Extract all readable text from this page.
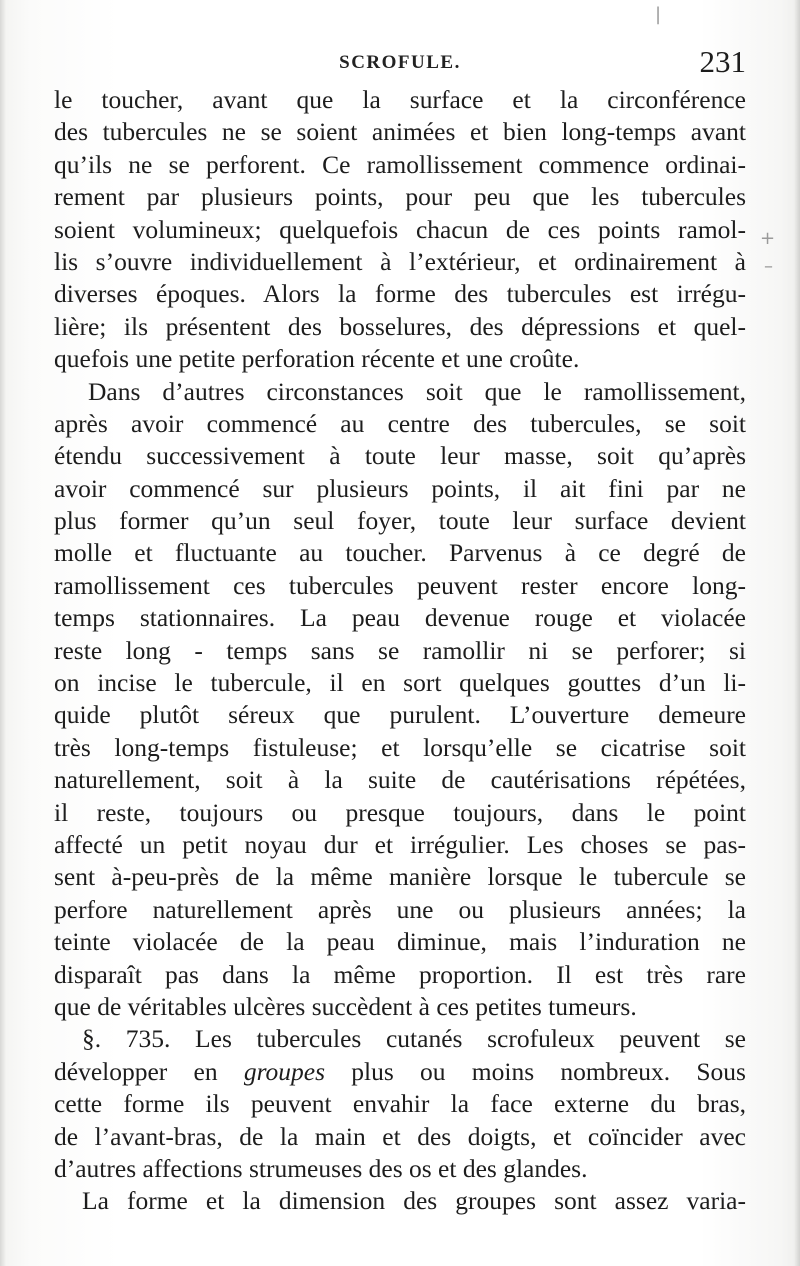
SCROFULE.	231
le toucher, avant que la surface et la circonférence
des tubercules ne se soient animées et bien long-temps avant
qu’ils ne se perforent. Ce ramollissement commence ordinai-
rement par plusieurs points, pour peu que les tubercules
soient volumineux; quelquefois chacun de ces points ramol-
lis s’ouvre individuellement à l’extérieur, et ordinairement à
diverses époques. Alors la forme des tubercules est irrégu-
lière; ils présentent des bosselures, des dépressions et quel-
quefois une petite perforation récente et une croûte.
Dans d’autres circonstances soit que le ramollissement,
après avoir commencé au centre des tubercules, se soit
étendu successivement à toute leur masse, soit qu’après
avoir commencé sur plusieurs points, il ait fini par ne
plus former qu’un seul foyer, toute leur surface devient
molle et fluctuante au toucher. Parvenus à ce degré de
ramollissement ces tubercules peuvent rester encore long-
temps stationnaires. La peau devenue rouge et violacée
reste long - temps sans se ramollir ni se perforer; si
on incise le tubercule, il en sort quelques gouttes d’un li-
quide plutôt séreux que purulent. L’ouverture demeure
très long-temps fistuleuse; et lorsqu’elle se cicatrise soit
naturellement, soit à la suite de cautérisations répétées,
il reste, toujours ou presque toujours, dans le point
affecté un petit noyau dur et irrégulier. Les choses se pas-
sent à-peu-près de la même manière lorsque le tubercule se
perfore naturellement après une ou plusieurs années; la
teinte violacée de la peau diminue, mais l’induration ne
disparaît pas dans la même proportion. Il est très rare
que de véritables ulcères succèdent à ces petites tumeurs.
§. 735. Les tubercules cutanés scrofuleux peuvent se
développer en groupes plus ou moins nombreux. Sous
cette forme ils peuvent envahir la face externe du bras,
de l’avant-bras, de la main et des doigts, et coïncider avec
d’autres affections strumeuses des os et des glandes.
La forme et la dimension des groupes sont assez varia-
+
–
|
